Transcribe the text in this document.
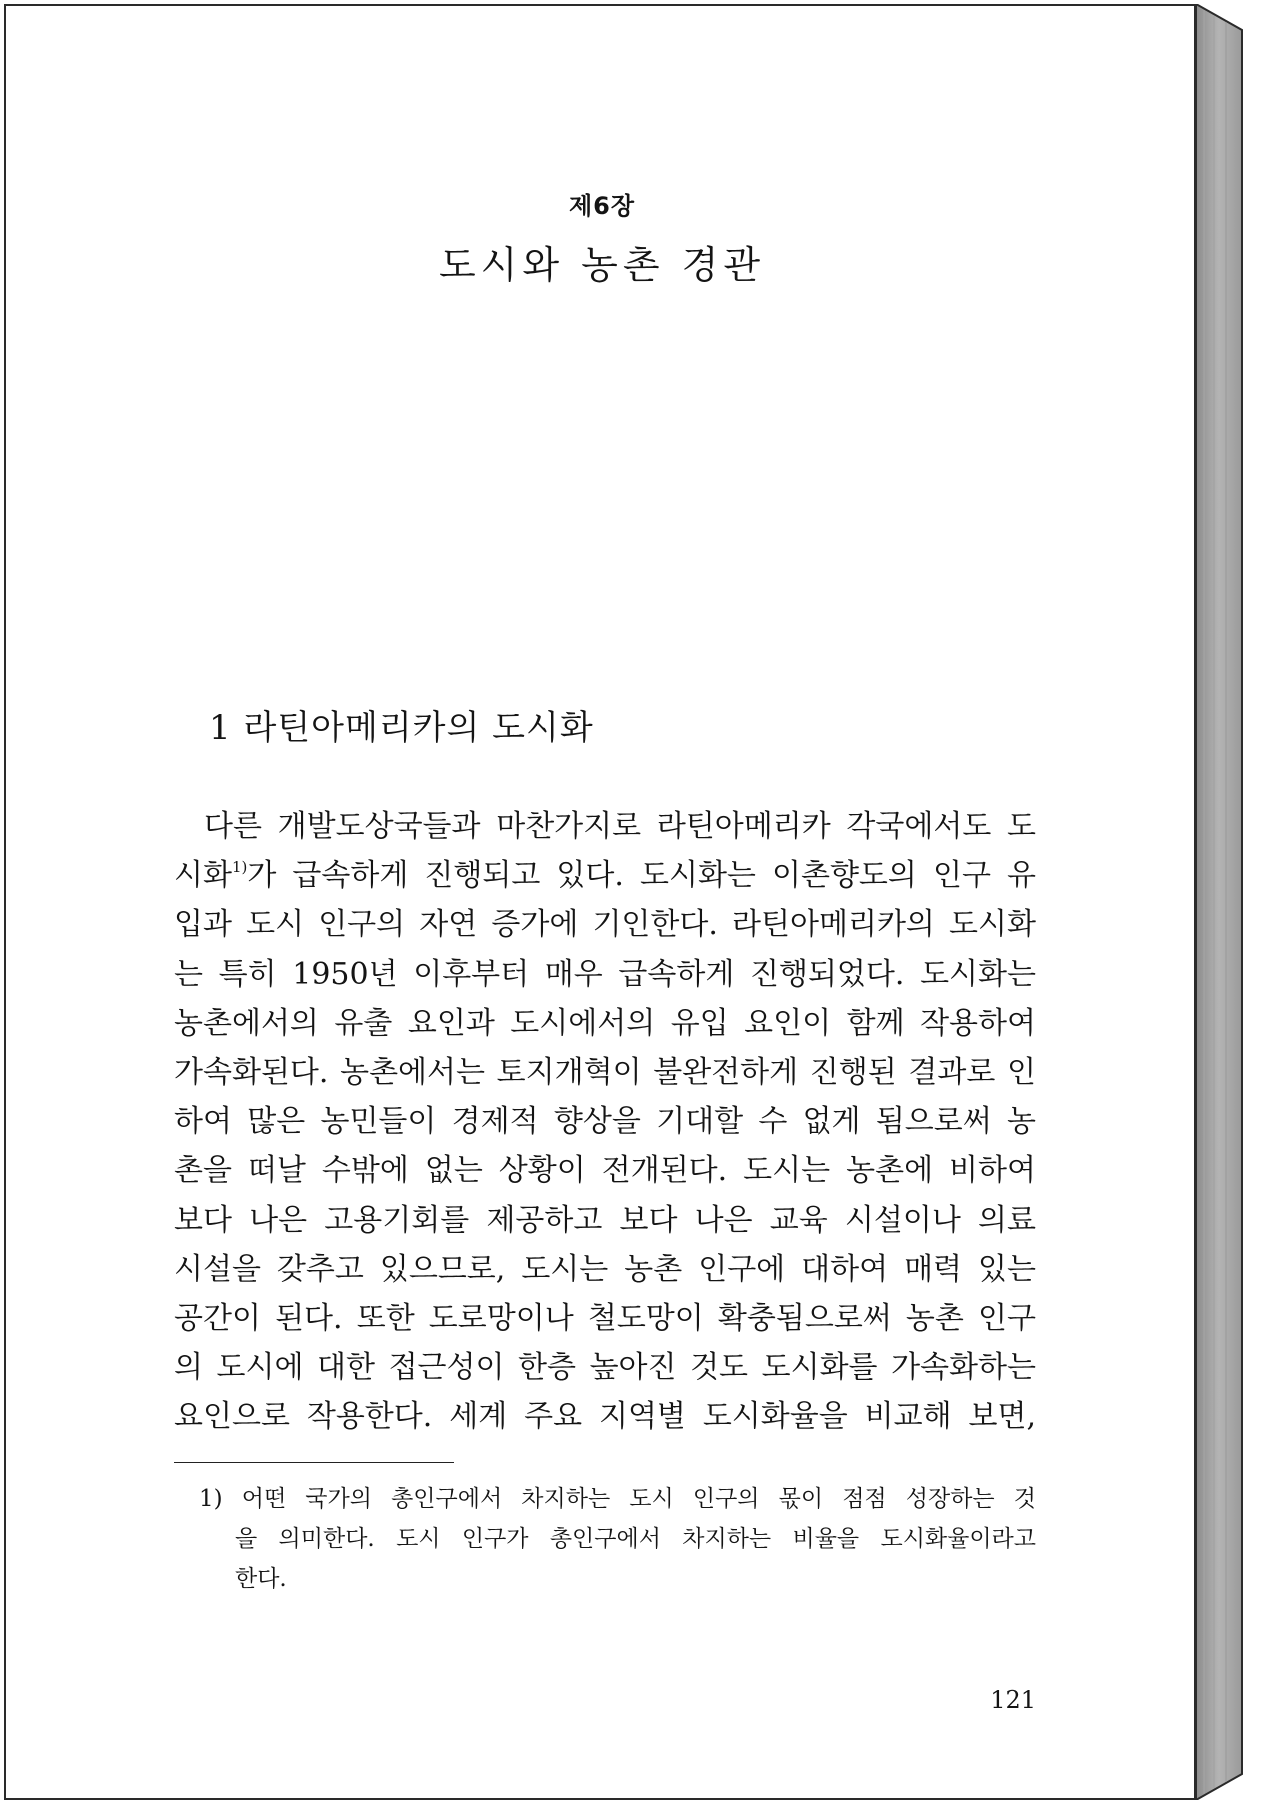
제6장
도시와 농촌 경관
1 라틴아메리카의 도시화
다른 개발도상국들과 마찬가지로 라틴아메리카 각국에서도 도
시화$^{1)}$가 급속하게 진행되고 있다. 도시화는 이촌향도의 인구 유
입과 도시 인구의 자연 증가에 기인한다. 라틴아메리카의 도시화
는 특히 1950년 이후부터 매우 급속하게 진행되었다. 도시화는
농촌에서의 유출 요인과 도시에서의 유입 요인이 함께 작용하여
가속화된다. 농촌에서는 토지개혁이 불완전하게 진행된 결과로 인
하여 많은 농민들이 경제적 향상을 기대할 수 없게 됨으로써 농
촌을 떠날 수밖에 없는 상황이 전개된다. 도시는 농촌에 비하여
보다 나은 고용기회를 제공하고 보다 나은 교육 시설이나 의료
시설을 갖추고 있으므로, 도시는 농촌 인구에 대하여 매력 있는
공간이 된다. 또한 도로망이나 철도망이 확충됨으로써 농촌 인구
의 도시에 대한 접근성이 한층 높아진 것도 도시화를 가속화하는
요인으로 작용한다. 세계 주요 지역별 도시화율을 비교해 보면,
1) 어떤 국가의 총인구에서 차지하는 도시 인구의 몫이 점점 성장하는 것
을 의미한다. 도시 인구가 총인구에서 차지하는 비율을 도시화율이라고
한다.
121
